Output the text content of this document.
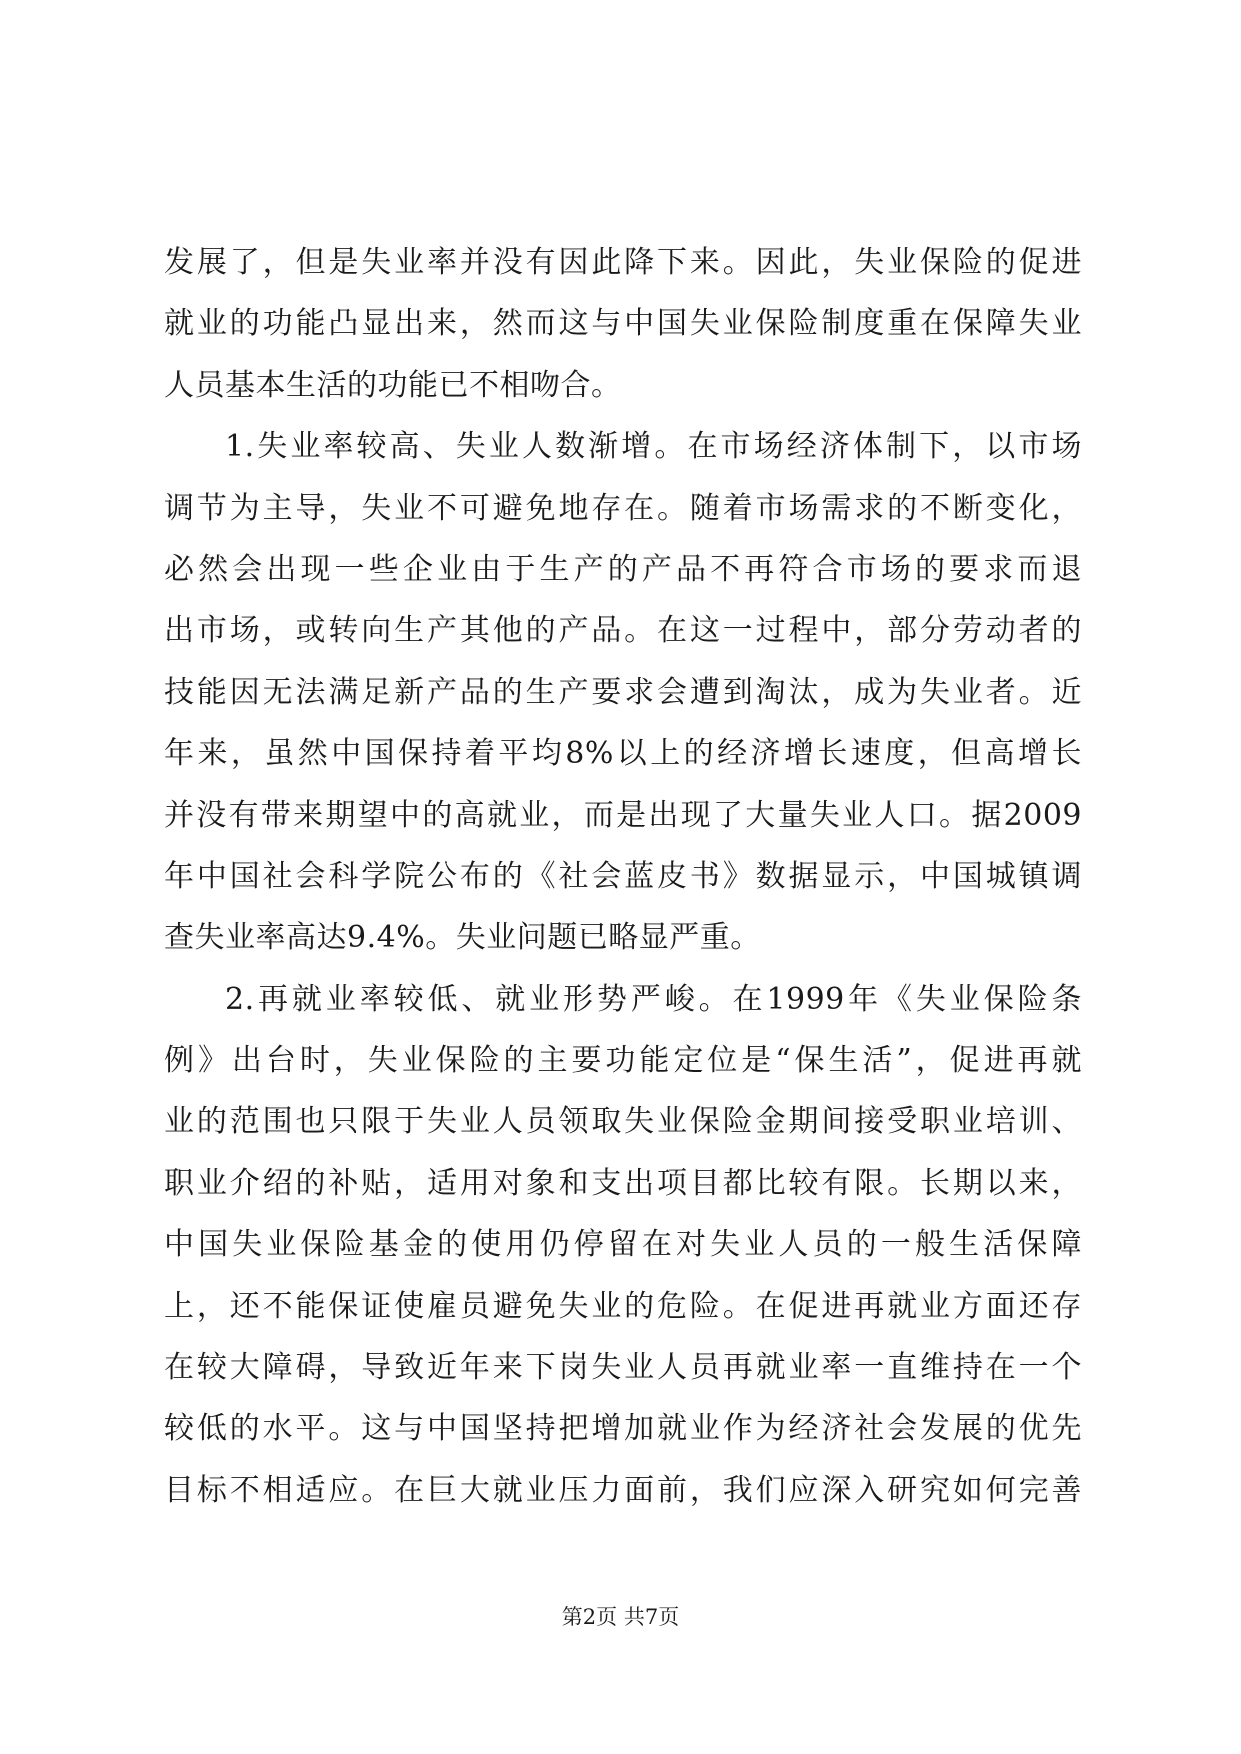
发展了，但是失业率并没有因此降下来。因此，失业保险的促进
就业的功能凸显出来，然而这与中国失业保险制度重在保障失业
人员基本生活的功能已不相吻合。
1.失业率较高、失业人数渐增。在市场经济体制下，以市场
调节为主导，失业不可避免地存在。随着市场需求的不断变化，
必然会出现一些企业由于生产的产品不再符合市场的要求而退
出市场，或转向生产其他的产品。在这一过程中，部分劳动者的
技能因无法满足新产品的生产要求会遭到淘汰，成为失业者。近
年来，虽然中国保持着平均8%以上的经济增长速度，但高增长
并没有带来期望中的高就业，而是出现了大量失业人口。据2009
年中国社会科学院公布的《社会蓝皮书》数据显示，中国城镇调
查失业率高达9.4%。失业问题已略显严重。
2.再就业率较低、就业形势严峻。在1999年《失业保险条
例》出台时，失业保险的主要功能定位是“保生活”，促进再就
业的范围也只限于失业人员领取失业保险金期间接受职业培训、
职业介绍的补贴，适用对象和支出项目都比较有限。长期以来，
中国失业保险基金的使用仍停留在对失业人员的一般生活保障
上，还不能保证使雇员避免失业的危险。在促进再就业方面还存
在较大障碍，导致近年来下岗失业人员再就业率一直维持在一个
较低的水平。这与中国坚持把增加就业作为经济社会发展的优先
目标不相适应。在巨大就业压力面前，我们应深入研究如何完善
第2页 共7页
